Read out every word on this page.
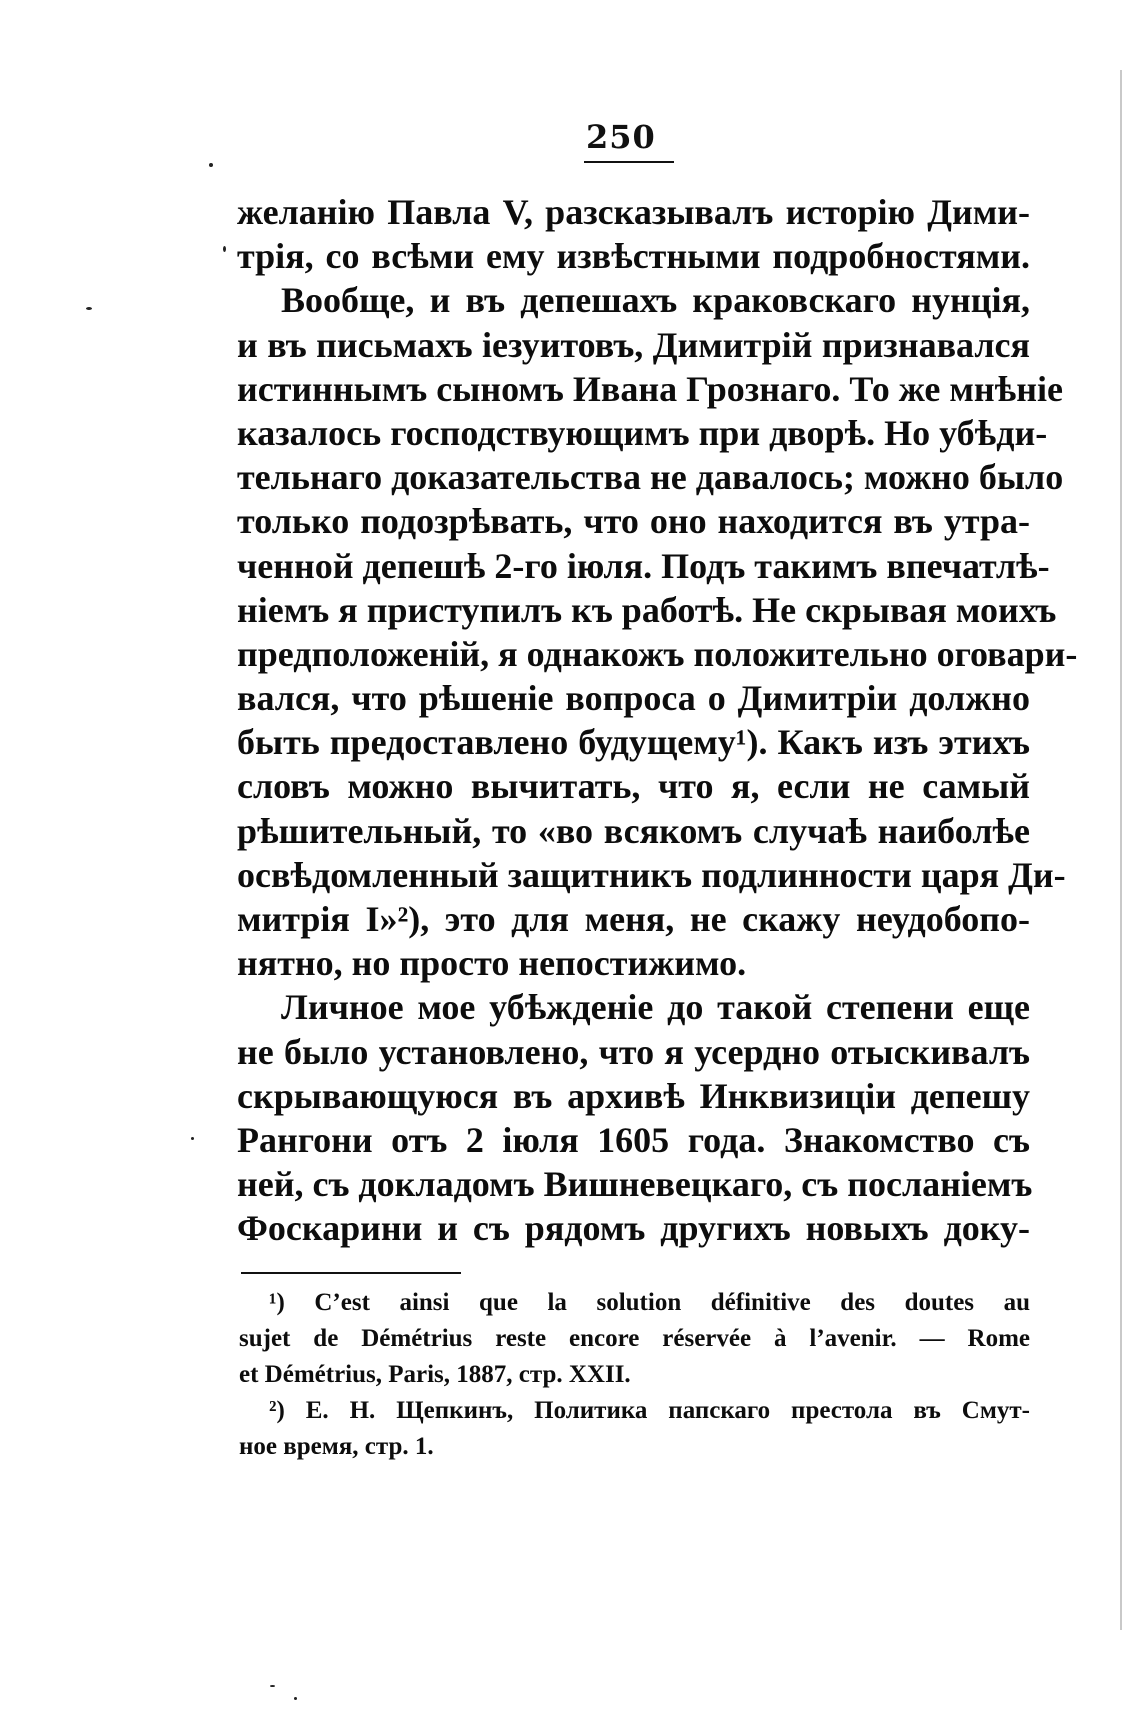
250
желанію Павла V, разсказывалъ исторію Дими-
трія, со всѣми ему извѣстными подробностями.
Вообще, и въ депешахъ краковскаго нунція,
и въ письмахъ іезуитовъ, Димитрій признавался
истиннымъ сыномъ Ивана Грознаго. То же мнѣніе
казалось господствующимъ при дворѣ. Но убѣди-
тельнаго доказательства не давалось; можно было
только подозрѣвать, что оно находится въ утра-
ченной депешѣ 2-го іюля. Подъ такимъ впечатлѣ-
ніемъ я приступилъ къ работѣ. Не скрывая моихъ
предположеній, я однакожъ положительно оговари-
вался, что рѣшеніе вопроса о Димитріи должно
быть предоставлено будущему¹). Какъ изъ этихъ
словъ можно вычитать, что я, если не самый
рѣшительный, то «во всякомъ случаѣ наиболѣе
освѣдомленный защитникъ подлинности царя Ди-
митрія I»²), это для меня, не скажу неудобопо-
нятно, но просто непостижимо.
Личное мое убѣжденіе до такой степени еще
не было установлено, что я усердно отыскивалъ
скрывающуюся въ архивѣ Инквизиціи депешу
Рангони отъ 2 іюля 1605 года. Знакомство съ
ней, съ докладомъ Вишневецкаго, съ посланіемъ
Фоскарини и съ рядомъ другихъ новыхъ доку-
¹) C’est ainsi que la solution définitive des doutes au
sujet de Démétrius reste encore réservée à l’avenir. — Rome
et Démétrius, Paris, 1887, стр. XXII.
²) Е. Н. Щепкинъ, Политика папскаго престола въ Смут-
ное время, стр. 1.
